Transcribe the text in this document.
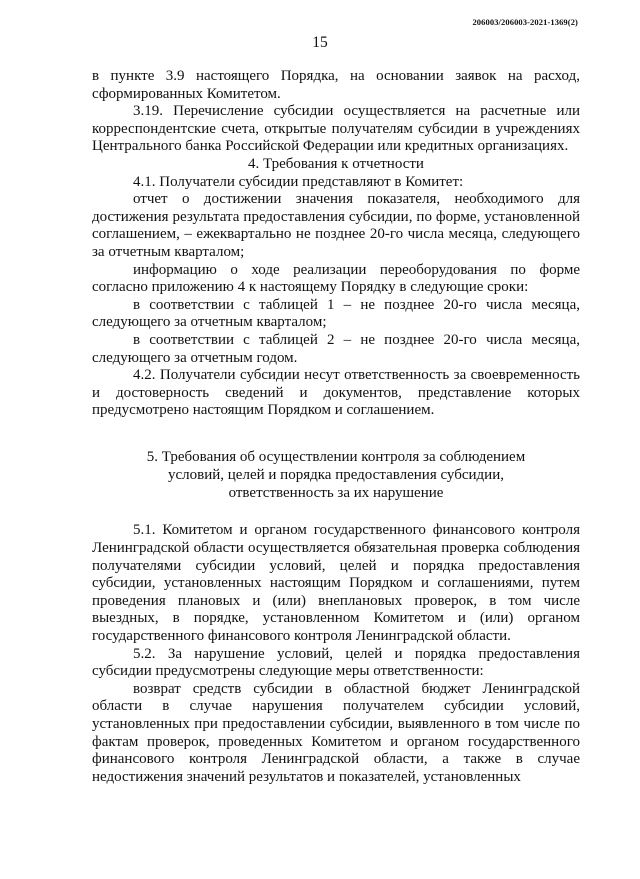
206003/206003-2021-1369(2)
15

в пункте 3.9 настоящего Порядка, на основании заявок на расход, сформированных Комитетом.

3.19. Перечисление субсидии осуществляется на расчетные или корреспондентские счета, открытые получателям субсидии в учреждениях Центрального банка Российской Федерации или кредитных организациях.

4. Требования к отчетности

4.1. Получатели субсидии представляют в Комитет:

отчет о достижении значения показателя, необходимого для достижения результата предоставления субсидии, по форме, установленной соглашением, – ежеквартально не позднее 20-го числа месяца, следующего за отчетным кварталом;

информацию о ходе реализации переоборудования по форме согласно приложению 4 к настоящему Порядку в следующие сроки:

в соответствии с таблицей 1 – не позднее 20-го числа месяца, следующего за отчетным кварталом;

в соответствии с таблицей 2 – не позднее 20-го числа месяца, следующего за отчетным годом.

4.2. Получатели субсидии несут ответственность за своевременность и достоверность сведений и документов, представление которых предусмотрено настоящим Порядком и соглашением.

5. Требования об осуществлении контроля за соблюдением
условий, целей и порядка предоставления субсидии,
ответственность за их нарушение

5.1. Комитетом и органом государственного финансового контроля Ленинградской области осуществляется обязательная проверка соблюдения получателями субсидии условий, целей и порядка предоставления субсидии, установленных настоящим Порядком и соглашениями, путем проведения плановых и (или) внеплановых проверок, в том числе выездных, в порядке, установленном Комитетом и (или) органом государственного финансового контроля Ленинградской области.

5.2. За нарушение условий, целей и порядка предоставления субсидии предусмотрены следующие меры ответственности:

возврат средств субсидии в областной бюджет Ленинградской области в случае нарушения получателем субсидии условий, установленных при предоставлении субсидии, выявленного в том числе по фактам проверок, проведенных Комитетом и органом государственного финансового контроля Ленинградской области, а также в случае недостижения значений результатов и показателей, установленных
